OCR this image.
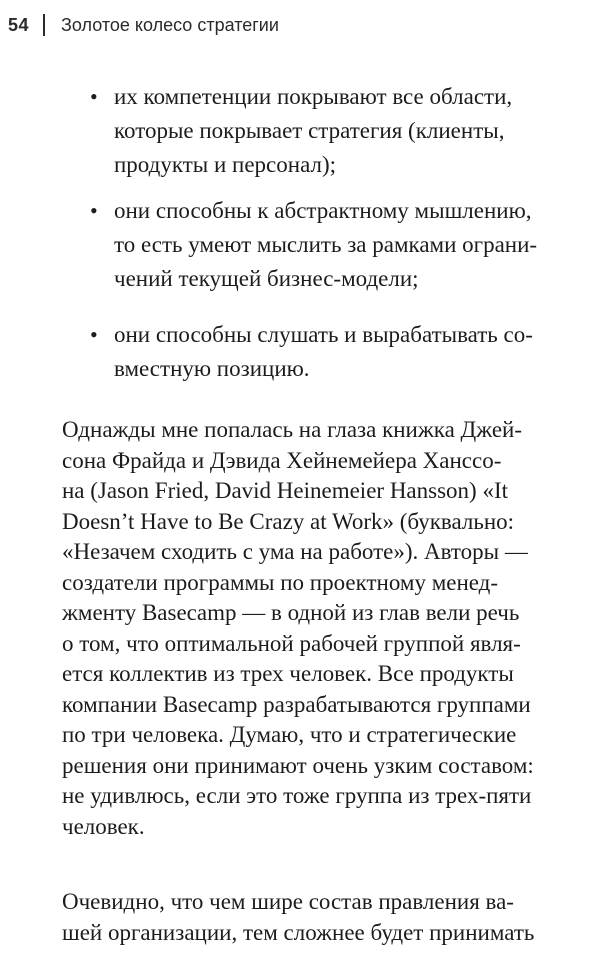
54 Золотое колесо стратегии
• их компетенции покрывают все области,
которые покрывает стратегия (клиенты,
продукты и персонал);
• они способны к абстрактному мышлению,
то есть умеют мыслить за рамками ограни-
чений текущей бизнес-модели;
• они способны слушать и вырабатывать со-
вместную позицию.

Однажды мне попалась на глаза книжка Джей-
сона Фрайда и Дэвида Хейнемейера Ханссо-
на (Jason Fried, David Heinemeier Hansson) «It
Doesn’t Have to Be Crazy at Work» (буквально:
«Незачем сходить с ума на работе»). Авторы —
создатели программы по проектному менед-
жменту Basecamp — в одной из глав вели речь
о том, что оптимальной рабочей группой явля-
ется коллектив из трех человек. Все продукты
компании Basecamp разрабатываются группами
по три человека. Думаю, что и стратегические
решения они принимают очень узким составом:
не удивлюсь, если это тоже группа из трех-пяти
человек.

Очевидно, что чем шире состав правления ва-
шей организации, тем сложнее будет принимать
